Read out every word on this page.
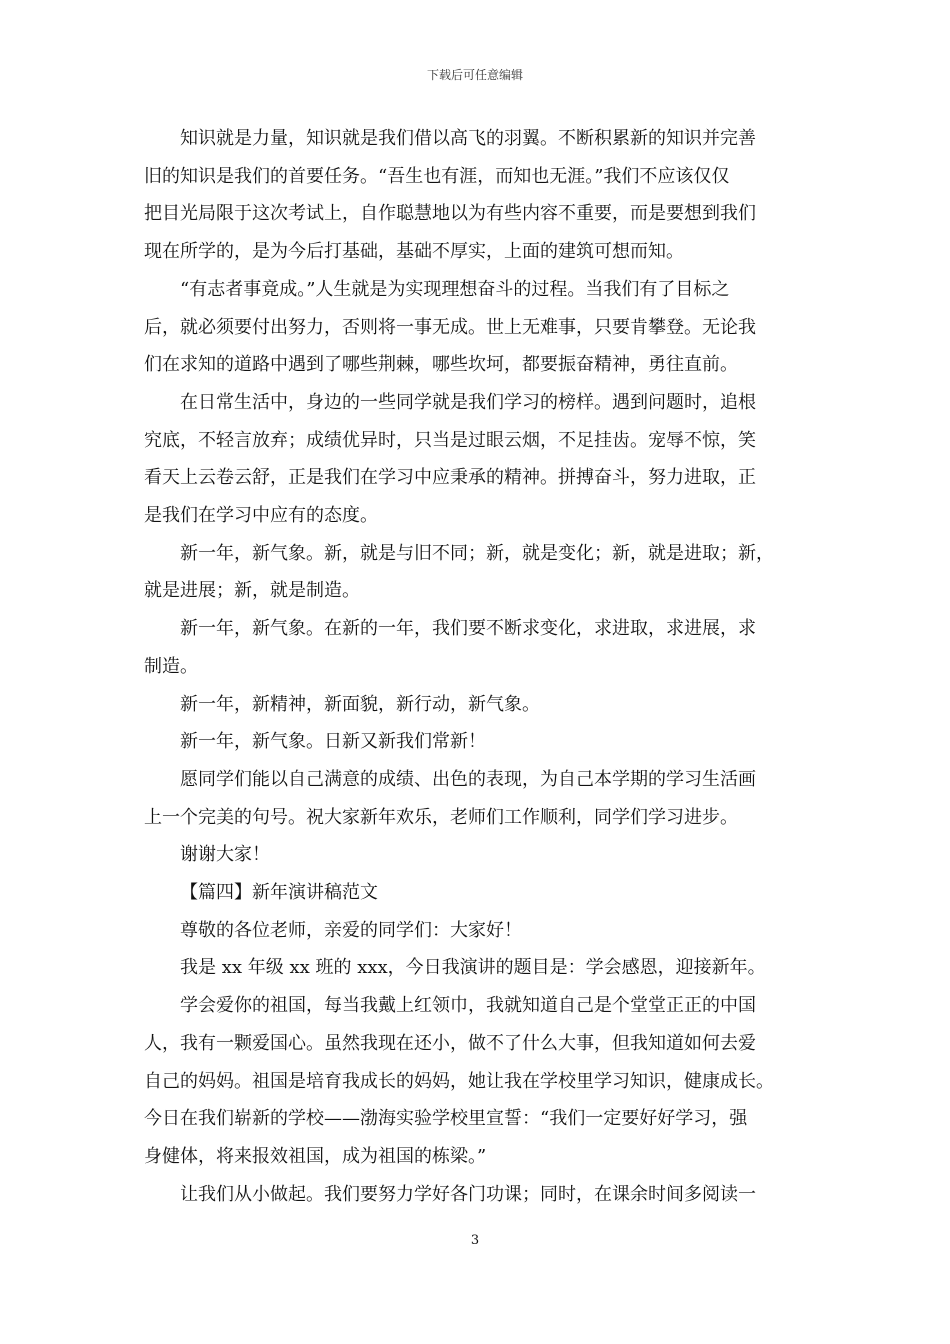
下载后可任意编辑

知识就是力量，知识就是我们借以高飞的羽翼。不断积累新的知识并完善

旧的知识是我们的首要任务。“吾生也有涯，而知也无涯。”我们不应该仅仅

把目光局限于这次考试上，自作聪慧地以为有些内容不重要，而是要想到我们

现在所学的，是为今后打基础，基础不厚实，上面的建筑可想而知。

“有志者事竟成。”人生就是为实现理想奋斗的过程。当我们有了目标之

后，就必须要付出努力，否则将一事无成。世上无难事，只要肯攀登。无论我

们在求知的道路中遇到了哪些荆棘，哪些坎坷，都要振奋精神，勇往直前。

在日常生活中，身边的一些同学就是我们学习的榜样。遇到问题时，追根

究底，不轻言放弃；成绩优异时，只当是过眼云烟，不足挂齿。宠辱不惊，笑

看天上云卷云舒，正是我们在学习中应秉承的精神。拼搏奋斗，努力进取，正

是我们在学习中应有的态度。

新一年，新气象。新，就是与旧不同；新，就是变化；新，就是进取；新，

就是进展；新，就是制造。

新一年，新气象。在新的一年，我们要不断求变化，求进取，求进展，求

制造。

新一年，新精神，新面貌，新行动，新气象。

新一年，新气象。日新又新我们常新！

愿同学们能以自己满意的成绩、出色的表现，为自己本学期的学习生活画

上一个完美的句号。祝大家新年欢乐，老师们工作顺利，同学们学习进步。

谢谢大家！

【篇四】新年演讲稿范文

尊敬的各位老师，亲爱的同学们：大家好！

我是 xx 年级 xx 班的 xxx，今日我演讲的题目是：学会感恩，迎接新年。

学会爱你的祖国，每当我戴上红领巾，我就知道自己是个堂堂正正的中国

人，我有一颗爱国心。虽然我现在还小，做不了什么大事，但我知道如何去爱

自己的妈妈。祖国是培育我成长的妈妈，她让我在学校里学习知识，健康成长。

今日在我们崭新的学校——渤海实验学校里宣誓：“我们一定要好好学习，强

身健体，将来报效祖国，成为祖国的栋梁。”

让我们从小做起。我们要努力学好各门功课；同时，在课余时间多阅读一

3
